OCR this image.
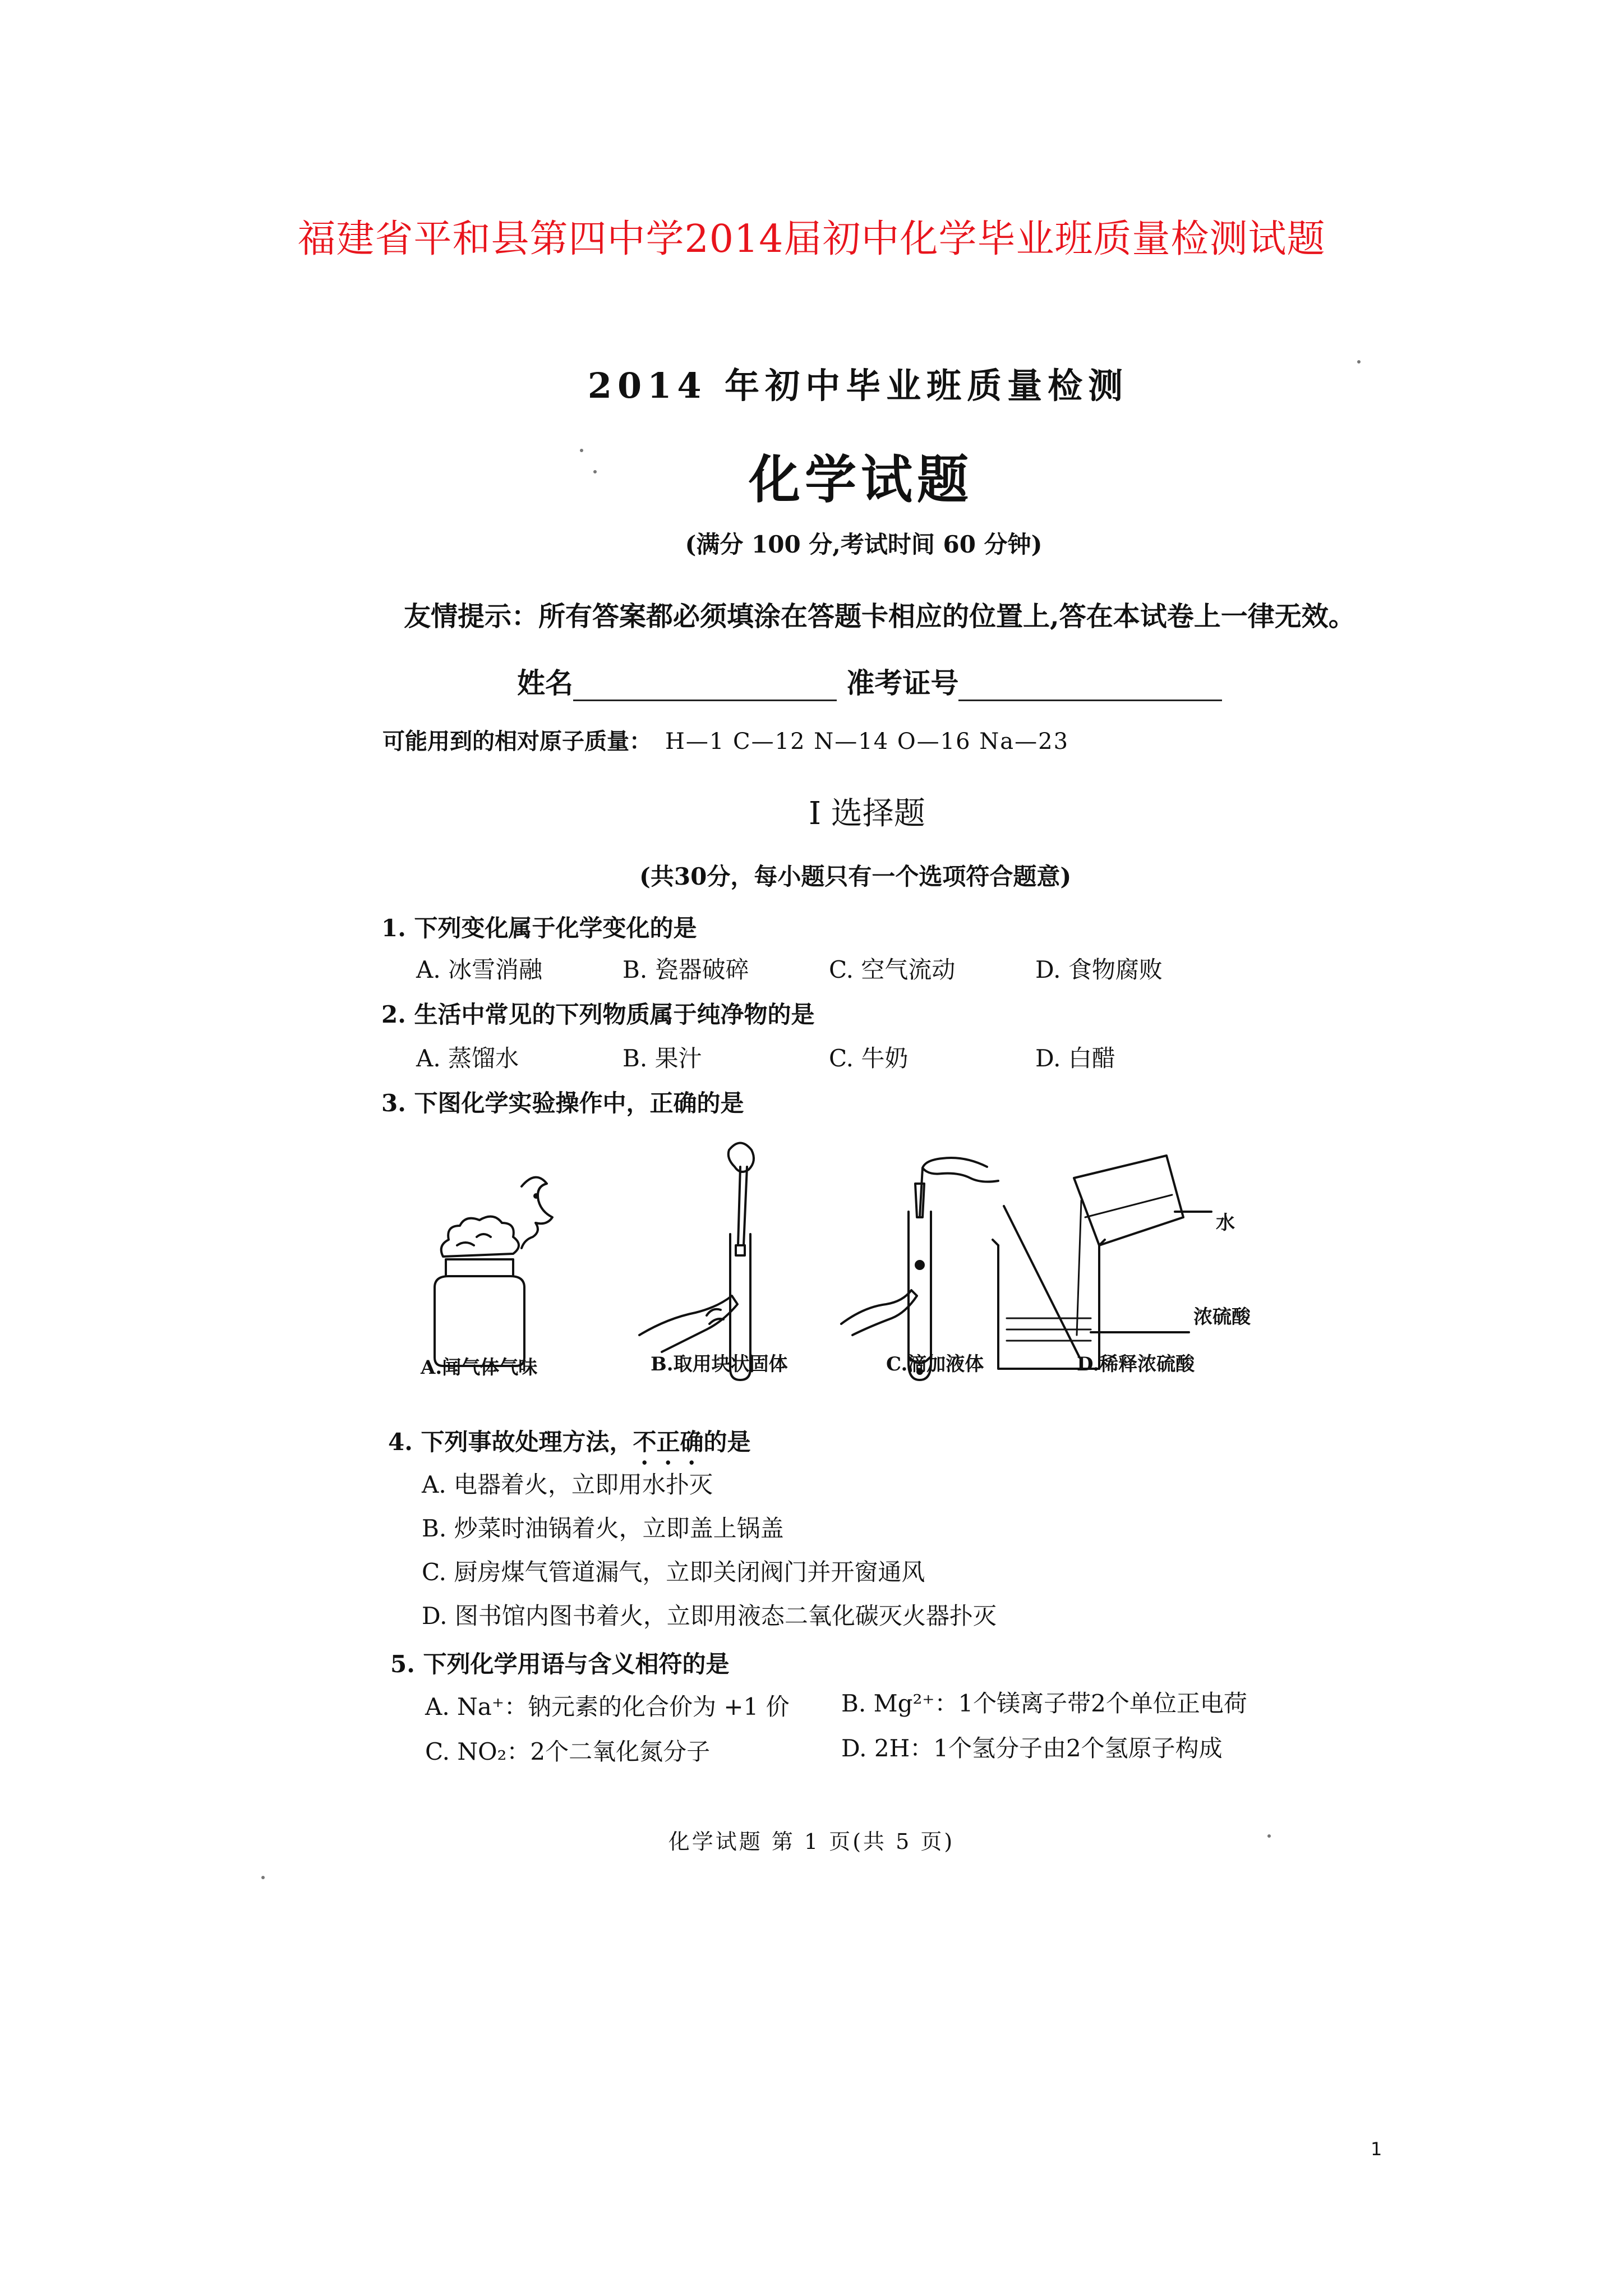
福建省平和县第四中学2014届初中化学毕业班质量检测试题
2014 年初中毕业班质量检测
化学试题
(满分 100 分,考试时间 60 分钟)
友情提示：所有答案都必须填涂在答题卡相应的位置上,答在本试卷上一律无效。
姓名	准考证号
可能用到的相对原子质量： H—1 C—12 N—14 O—16 Na—23
Ⅰ 选择题
(共30分，每小题只有一个选项符合题意)
1. 下列变化属于化学变化的是
A. 冰雪消融	B. 瓷器破碎	C. 空气流动	D. 食物腐败
2. 生活中常见的下列物质属于纯净物的是
A. 蒸馏水	B. 果汁	C. 牛奶	D. 白醋
3. 下图化学实验操作中，正确的是
A.闻气体气味	B.取用块状固体	C.滴加液体	D.稀释浓硫酸
水
浓硫酸
4. 下列事故处理方法，不正确的是
A. 电器着火，立即用水扑灭
B. 炒菜时油锅着火，立即盖上锅盖
C. 厨房煤气管道漏气，立即关闭阀门并开窗通风
D. 图书馆内图书着火，立即用液态二氧化碳灭火器扑灭
5. 下列化学用语与含义相符的是
A. Na⁺：钠元素的化合价为 +1 价 B. Mg²⁺：1个镁离子带2个单位正电荷
C. NO₂：2个二氧化氮分子	D. 2H：1个氢分子由2个氢原子构成
化学试题 第 1 页(共 5 页)
1
